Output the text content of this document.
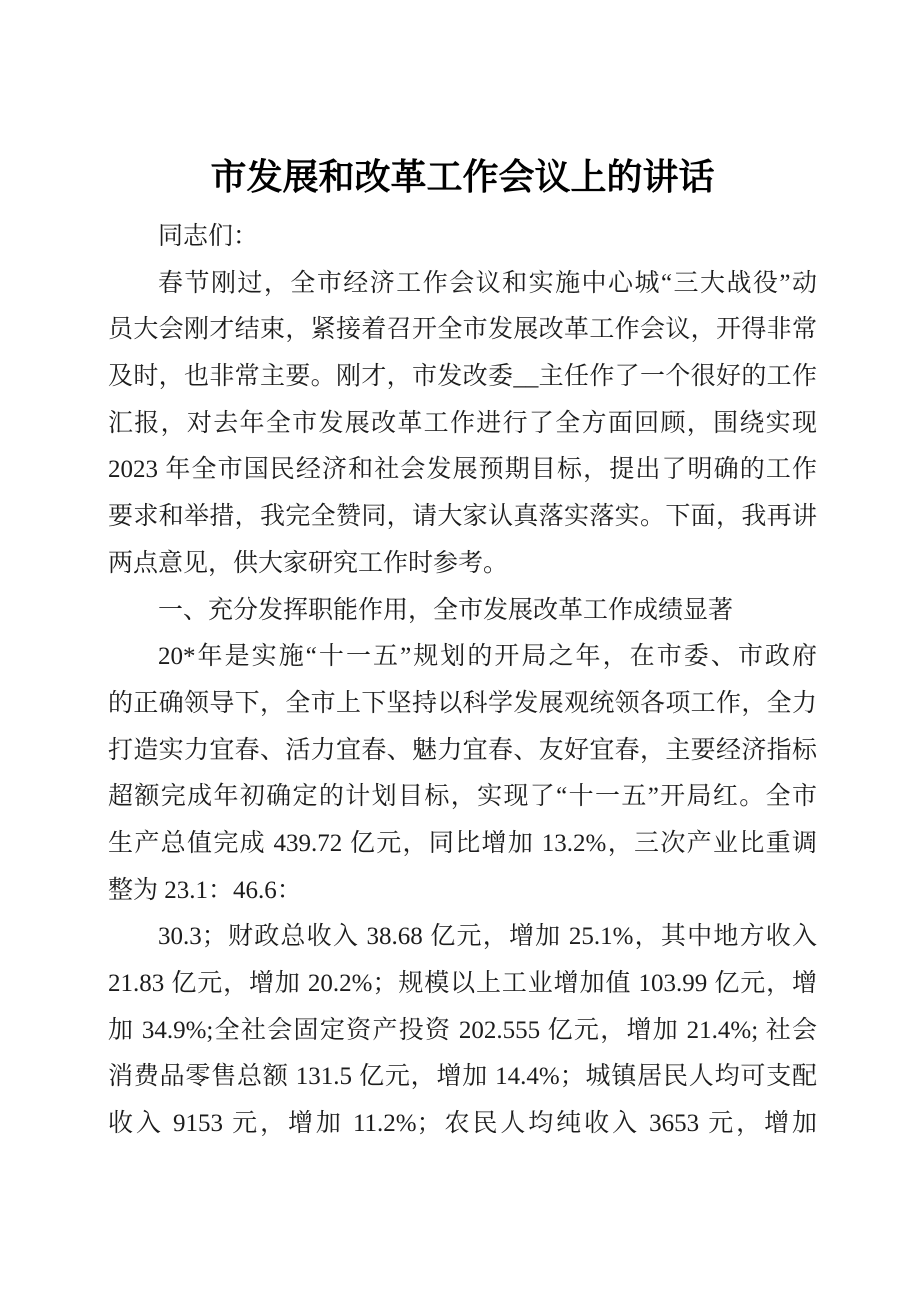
市发展和改革工作会议上的讲话
同志们：
春节刚过，全市经济工作会议和实施中心城“三大战役”动
员大会刚才结束，紧接着召开全市发展改革工作会议，开得非常
及时，也非常主要。刚才，市发改委__主任作了一个很好的工作
汇报，对去年全市发展改革工作进行了全方面回顾，围绕实现
2023 年全市国民经济和社会发展预期目标，提出了明确的工作
要求和举措，我完全赞同，请大家认真落实落实。下面，我再讲
两点意见，供大家研究工作时参考。
一、充分发挥职能作用，全市发展改革工作成绩显著
20*年是实施“十一五”规划的开局之年，在市委、市政府
的正确领导下，全市上下坚持以科学发展观统领各项工作，全力
打造实力宜春、活力宜春、魅力宜春、友好宜春，主要经济指标
超额完成年初确定的计划目标，实现了“十一五”开局红。全市
生产总值完成 439.72 亿元，同比增加 13.2%，三次产业比重调
整为 23.1：46.6：
30.3；财政总收入 38.68 亿元，增加 25.1%，其中地方收入
21.83 亿元，增加 20.2%；规模以上工业增加值 103.99 亿元，增
加 34.9%;全社会固定资产投资 202.555 亿元，增加 21.4%; 社会
消费品零售总额 131.5 亿元，增加 14.4%；城镇居民人均可支配
收入 9153 元，增加 11.2%；农民人均纯收入 3653 元，增加
